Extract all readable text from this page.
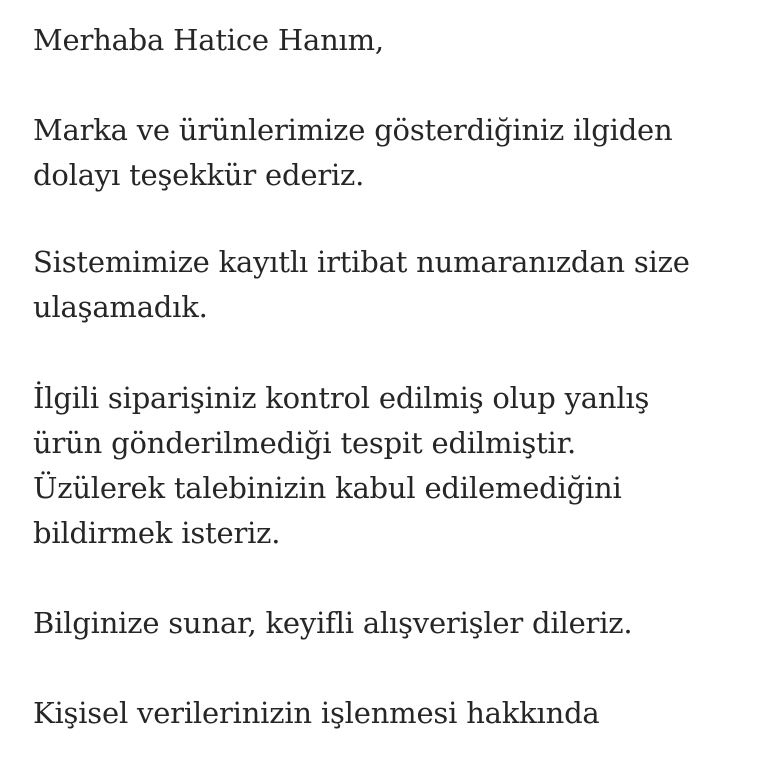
Merhaba Hatice Hanım,
Marka ve ürünlerimize gösterdiğiniz ilgiden
dolayı teşekkür ederiz.
Sistemimize kayıtlı irtibat numaranızdan size
ulaşamadık.
İlgili siparişiniz kontrol edilmiş olup yanlış
ürün gönderilmediği tespit edilmiştir.
Üzülerek talebinizin kabul edilemediğini
bildirmek isteriz.
Bilginize sunar, keyifli alışverişler dileriz.
Kişisel verilerinizin işlenmesi hakkında
